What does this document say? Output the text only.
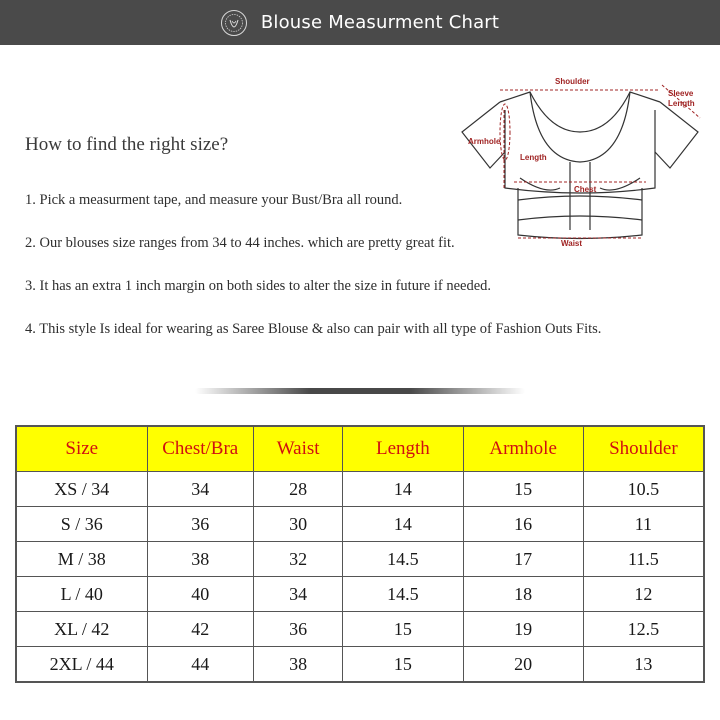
Blouse Measurment Chart
How to find the right size?
1. Pick a measurment tape, and measure your Bust/Bra all round.
2. Our blouses size ranges from 34 to 44 inches. which are pretty great fit.
3. It has an extra 1 inch margin on both sides to alter the size in future if needed.
4. This style Is ideal for wearing as Saree Blouse & also can pair with all type of Fashion Outs Fits.
Shoulder
Sleeve
Length
Armhole
Length
Chest
Waist
Size	Chest/Bra	Waist	Length	Armhole	Shoulder
XS / 34	34	28	14	15	10.5
S / 36	36	30	14	16	11
M / 38	38	32	14.5	17	11.5
L / 40	40	34	14.5	18	12
XL / 42	42	36	15	19	12.5
2XL / 44	44	38	15	20	13
